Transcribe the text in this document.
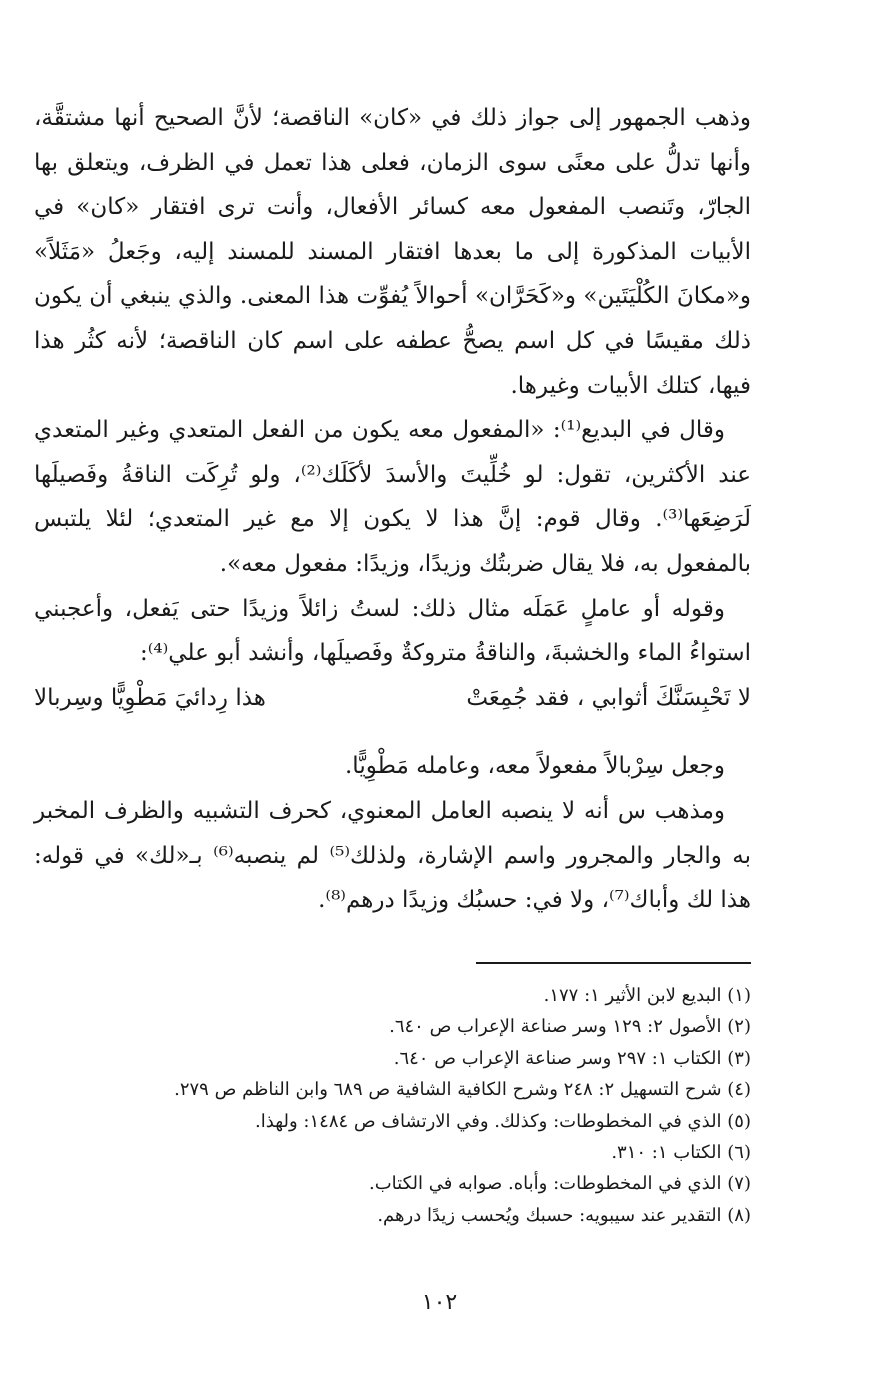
وذهب الجمهور إلى جواز ذلك في «كان» الناقصة؛ لأنَّ الصحيح أنها مشتقَّة، وأنها تدلُّ على معنًى سوى الزمان، فعلى هذا تعمل في الظرف، ويتعلق بها الجارّ، وتَنصب المفعول معه كسائر الأفعال، وأنت ترى افتقار «كان» في الأبيات المذكورة إلى ما بعدها افتقار المسند للمسند إليه، وجَعلُ «مَثَلاً» و«مكانَ الكُلْيَتَين» و«كَحَرَّان» أحوالاً يُفوِّت هذا المعنى. والذي ينبغي أن يكون ذلك مقيسًا في كل اسم يصحُّ عطفه على اسم كان الناقصة؛ لأنه كثُر هذا فيها، كتلك الأبيات وغيرها.

وقال في البديع⁽¹⁾: «المفعول معه يكون من الفعل المتعدي وغير المتعدي عند الأكثرين، تقول: لو خُلِّيتَ والأسدَ لأكَلَك⁽²⁾، ولو تُرِكَت الناقةُ وفَصيلَها لَرَضِعَها⁽³⁾. وقال قوم: إنَّ هذا لا يكون إلا مع غير المتعدي؛ لئلا يلتبس بالمفعول به، فلا يقال ضربتُك وزيدًا، وزيدًا: مفعول معه».

وقوله أو عاملٍ عَمَلَه مثال ذلك: لستُ زائلاً وزيدًا حتى يَفعل، وأعجبني استواءُ الماء والخشبةَ، والناقةُ متروكةٌ وفَصيلَها، وأنشد أبو علي⁽⁴⁾:

لا تَحْبِسَنَّكَ أثوابي ، فقد جُمِعَتْ
هذا رِدائيَ مَطْوِيًّا وسِربالا

وجعل سِرْبالاً مفعولاً معه، وعامله مَطْوِيًّا.

ومذهب س أنه لا ينصبه العامل المعنوي، كحرف التشبيه والظرف المخبر به والجار والمجرور واسم الإشارة، ولذلك⁽⁵⁾ لم ينصبه⁽⁶⁾ بـ«لك» في قوله: هذا لك وأباك⁽⁷⁾، ولا في: حسبُك وزيدًا درهم⁽⁸⁾.

(١) البديع لابن الأثير ١: ١٧٧.

(٢) الأصول ٢: ١٢٩ وسر صناعة الإعراب ص ٦٤٠.

(٣) الكتاب ١: ٢٩٧ وسر صناعة الإعراب ص ٦٤٠.

(٤) شرح التسهيل ٢: ٢٤٨ وشرح الكافية الشافية ص ٦٨٩ وابن الناظم ص ٢٧٩.

(٥) الذي في المخطوطات: وكذلك. وفي الارتشاف ص ١٤٨٤: ولهذا.

(٦) الكتاب ١: ٣١٠.

(٧) الذي في المخطوطات: وأباه. صوابه في الكتاب.

(٨) التقدير عند سيبويه: حسبك ويُحسب زيدًا درهم.

١٠٢
